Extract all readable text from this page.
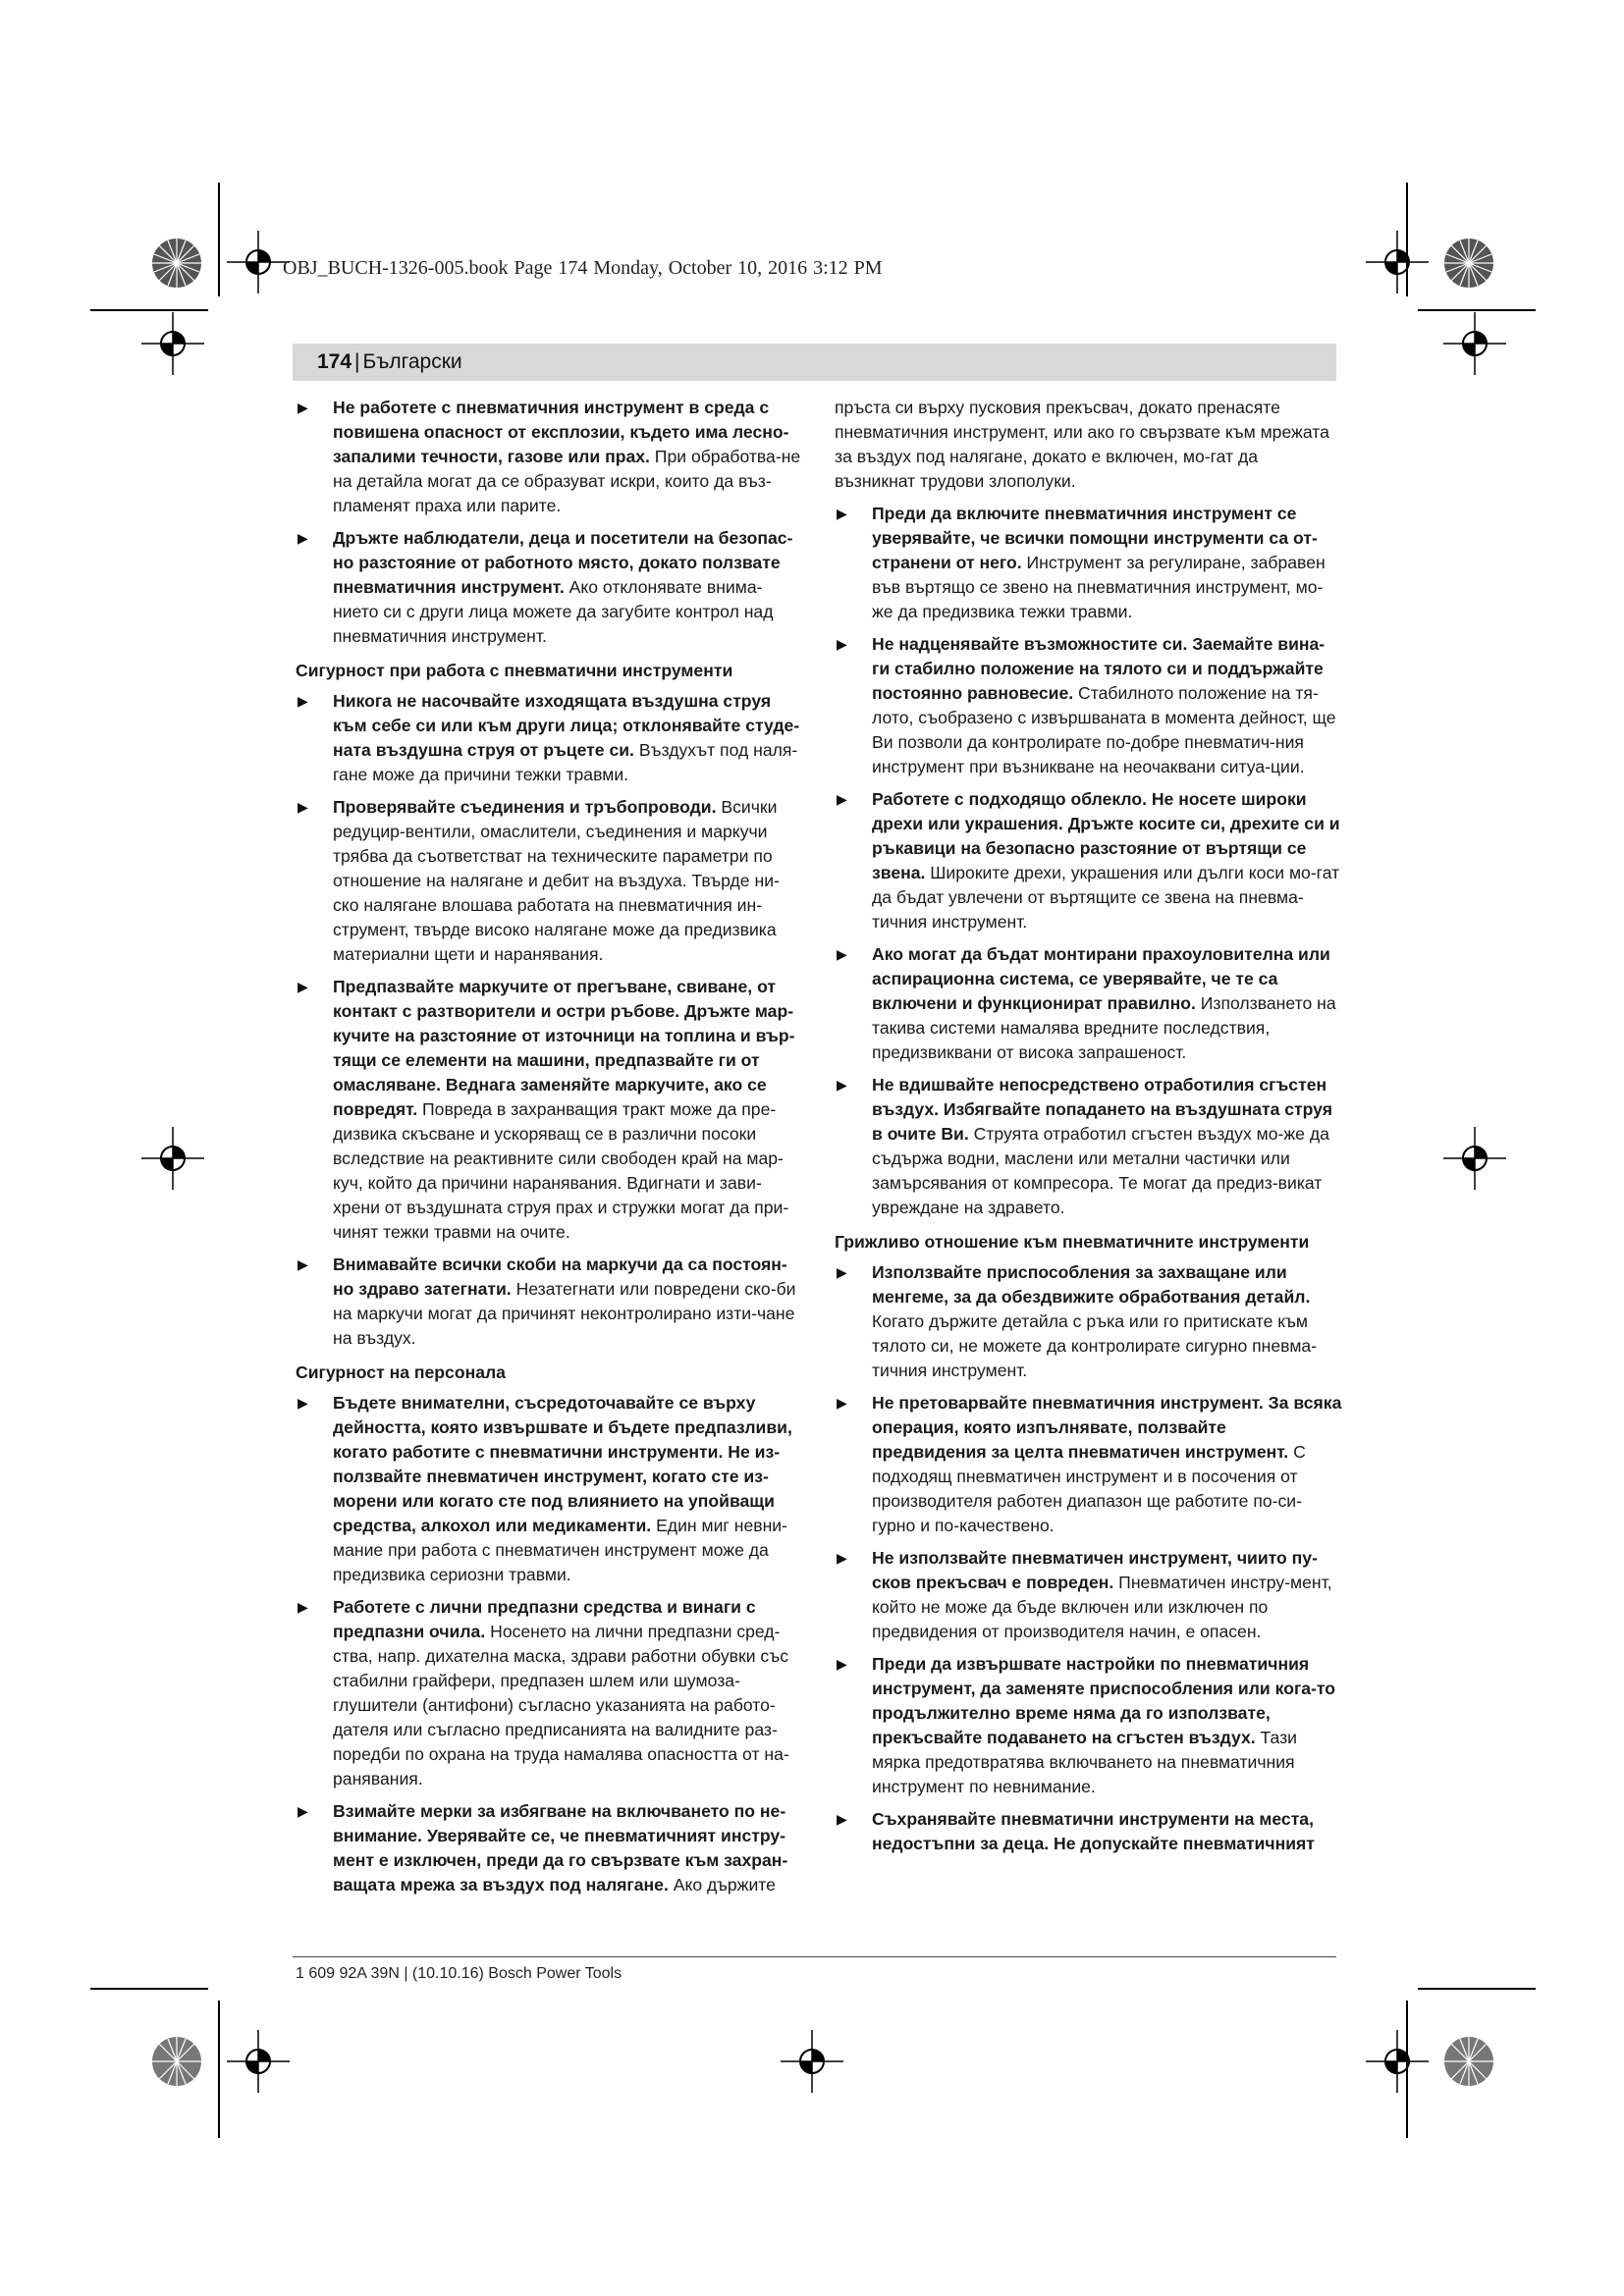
OBJ_BUCH-1326-005.book Page 174 Monday, October 10, 2016 3:12 PM
174 | Български
▶ Не работете с пневматичния инструмент в среда с повишена опасност от експлозии, където има лесно-запалими течности, газове или прах. При обработва-не на детайла могат да се образуват искри, които да въз-пламенят праха или парите.
▶ Дръжте наблюдатели, деца и посетители на безопас-но разстояние от работното място, докато ползвате пневматичния инструмент. Ако отклонявате внима-нието си с други лица можете да загубите контрол над пневматичния инструмент.
Сигурност при работа с пневматични инструменти
▶ Никога не насочвайте изходящата въздушна струя към себе си или към други лица; отклонявайте студе-ната въздушна струя от ръцете си. Въздухът под наля-гане може да причини тежки травми.
▶ Проверявайте съединения и тръбопроводи. Всички редуцир-вентили, омаслители, съединения и маркучи трябва да съответстват на техническите параметри по отношение на налягане и дебит на въздуха. Твърде ни-ско налягане влошава работата на пневматичния ин-струмент, твърде високо налягане може да предизвика материални щети и наранявания.
▶ Предпазвайте маркучите от прегъване, свиване, от контакт с разтворители и остри ръбове. Дръжте мар-кучите на разстояние от източници на топлина и вър-тящи се елементи на машини, предпазвайте ги от омасляване. Веднага заменяйте маркучите, ако се повредят. Повреда в захранващия тракт може да пре-дизвика скъсване и ускоряващ се в различни посоки вследствие на реактивните сили свободен край на мар-куч, който да причини наранявания. Вдигнати и зави-хрени от въздушната струя прах и стружки могат да при-чинят тежки травми на очите.
▶ Внимавайте всички скоби на маркучи да са постоян-но здраво затегнати. Незатегнати или повредени ско-би на маркучи могат да причинят неконтролирано изти-чане на въздух.
Сигурност на персонала
▶ Бъдете внимателни, съсредоточавайте се върху дейността, която извършвате и бъдете предпазливи, когато работите с пневматични инструменти. Не из-ползвайте пневматичен инструмент, когато сте из-морени или когато сте под влиянието на упойващи средства, алкохол или медикаменти. Един миг невни-мание при работа с пневматичен инструмент може да предизвика сериозни травми.
▶ Работете с лични предпазни средства и винаги с предпазни очила. Носенето на лични предпазни сред-ства, напр. дихателна маска, здрави работни обувки със стабилни грайфери, предпазен шлем или шумоза-глушители (антифони) съгласно указанията на работо-дателя или съгласно предписанията на валидните раз-поредби по охрана на труда намалява опасността от на-ранявания.
▶ Взимайте мерки за избягване на включването по не-внимание. Уверявайте се, че пневматичният инстру-мент е изключен, преди да го свързвате към захран-ващата мрежа за въздух под налягане. Ако държите
пръста си върху пусковия прекъсвач, докато пренасяте пневматичния инструмент, или ако го свързвате към мрежата за въздух под налягане, докато е включен, мо-гат да възникнат трудови злополуки.
▶ Преди да включите пневматичния инструмент се уверявайте, че всички помощни инструменти са от-странени от него. Инструмент за регулиране, забравен във въртящо се звено на пневматичния инструмент, мо-же да предизвика тежки травми.
▶ Не надценявайте възможностите си. Заемайте вина-ги стабилно положение на тялото си и поддържайте постоянно равновесие. Стабилното положение на тя-лото, съобразено с извършваната в момента дейност, ще Ви позволи да контролирате по-добре пневматич-ния инструмент при възникване на неочаквани ситуа-ции.
▶ Работете с подходящо облекло. Не носете широки дрехи или украшения. Дръжте косите си, дрехите си и ръкавици на безопасно разстояние от въртящи се звена. Широките дрехи, украшения или дълги коси мо-гат да бъдат увлечени от въртящите се звена на пневма-тичния инструмент.
▶ Ако могат да бъдат монтирани прахоуловителна или аспирационна система, се уверявайте, че те са включени и функционират правилно. Използването на такива системи намалява вредните последствия, предизвиквани от висока запрашеност.
▶ Не вдишвайте непосредствено отработилия сгъстен въздух. Избягвайте попадането на въздушната струя в очите Ви. Струята отработил сгъстен въздух мо-же да съдържа водни, маслени или метални частички или замърсявания от компресора. Те могат да предиз-викат увреждане на здравето.
Грижливо отношение към пневматичните инструменти
▶ Използвайте приспособления за захващане или менгеме, за да обездвижите обработвания детайл. Когато държите детайла с ръка или го притискате към тялото си, не можете да контролирате сигурно пневма-тичния инструмент.
▶ Не претоварвайте пневматичния инструмент. За всяка операция, която изпълнявате, ползвайте предвидения за целта пневматичен инструмент. С подходящ пневматичен инструмент и в посочения от производителя работен диапазон ще работите по-си-гурно и по-качествено.
▶ Не използвайте пневматичен инструмент, чиито пу-сков прекъсвач е повреден. Пневматичен инстру-мент, който не може да бъде включен или изключен по предвидения от производителя начин, е опасен.
▶ Преди да извършвате настройки по пневматичния инструмент, да заменяте приспособления или кога-то продължително време няма да го използвате, прекъсвайте подаването на сгъстен въздух. Тази мярка предотвратява включването на пневматичния инструмент по невнимание.
▶ Съхранявайте пневматични инструменти на места, недостъпни за деца. Не допускайте пневматичният
1 609 92A 39N | (10.10.16) Bosch Power Tools
